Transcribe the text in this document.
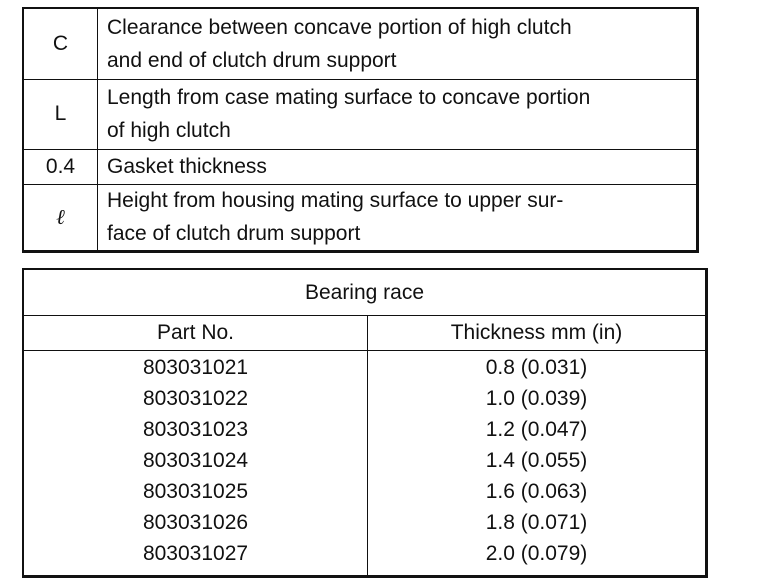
C
Clearance between concave portion of high clutch
and end of clutch drum support
L
Length from case mating surface to concave portion
of high clutch
0.4	Gasket thickness
ℓ
Height from housing mating surface to upper sur-
face of clutch drum support
Bearing race
Part No.	Thickness mm (in)
803031021
803031022
803031023
803031024
803031025
803031026
803031027
0.8 (0.031)
1.0 (0.039)
1.2 (0.047)
1.4 (0.055)
1.6 (0.063)
1.8 (0.071)
2.0 (0.079)
